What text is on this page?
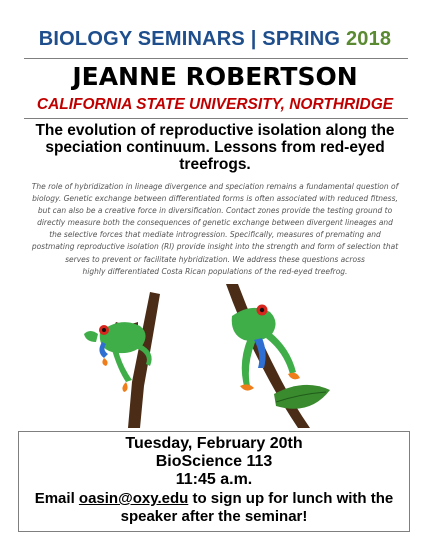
BIOLOGY SEMINARS | SPRING 2018
JEANNE ROBERTSON
CALIFORNIA STATE UNIVERSITY, NORTHRIDGE
The evolution of reproductive isolation along the speciation continuum. Lessons from red-eyed treefrogs.
The role of hybridization in lineage divergence and speciation remains a fundamental question of
biology. Genetic exchange between differentiated forms is often associated with reduced fitness,
but can also be a creative force in diversification. Contact zones provide the testing ground to
directly measure both the consequences of genetic exchange between divergent lineages and
the selective forces that mediate introgression. Specifically, measures of premating and
postmating reproductive isolation (RI) provide insight into the strength and form of selection that
serves to prevent or facilitate hybridization. We address these questions across
highly differentiated Costa Rican populations of the red-eyed treefrog.
Tuesday, February 20th
BioScience 113
11:45 a.m.
Email oasin@oxy.edu to sign up for lunch with the
speaker after the seminar!
